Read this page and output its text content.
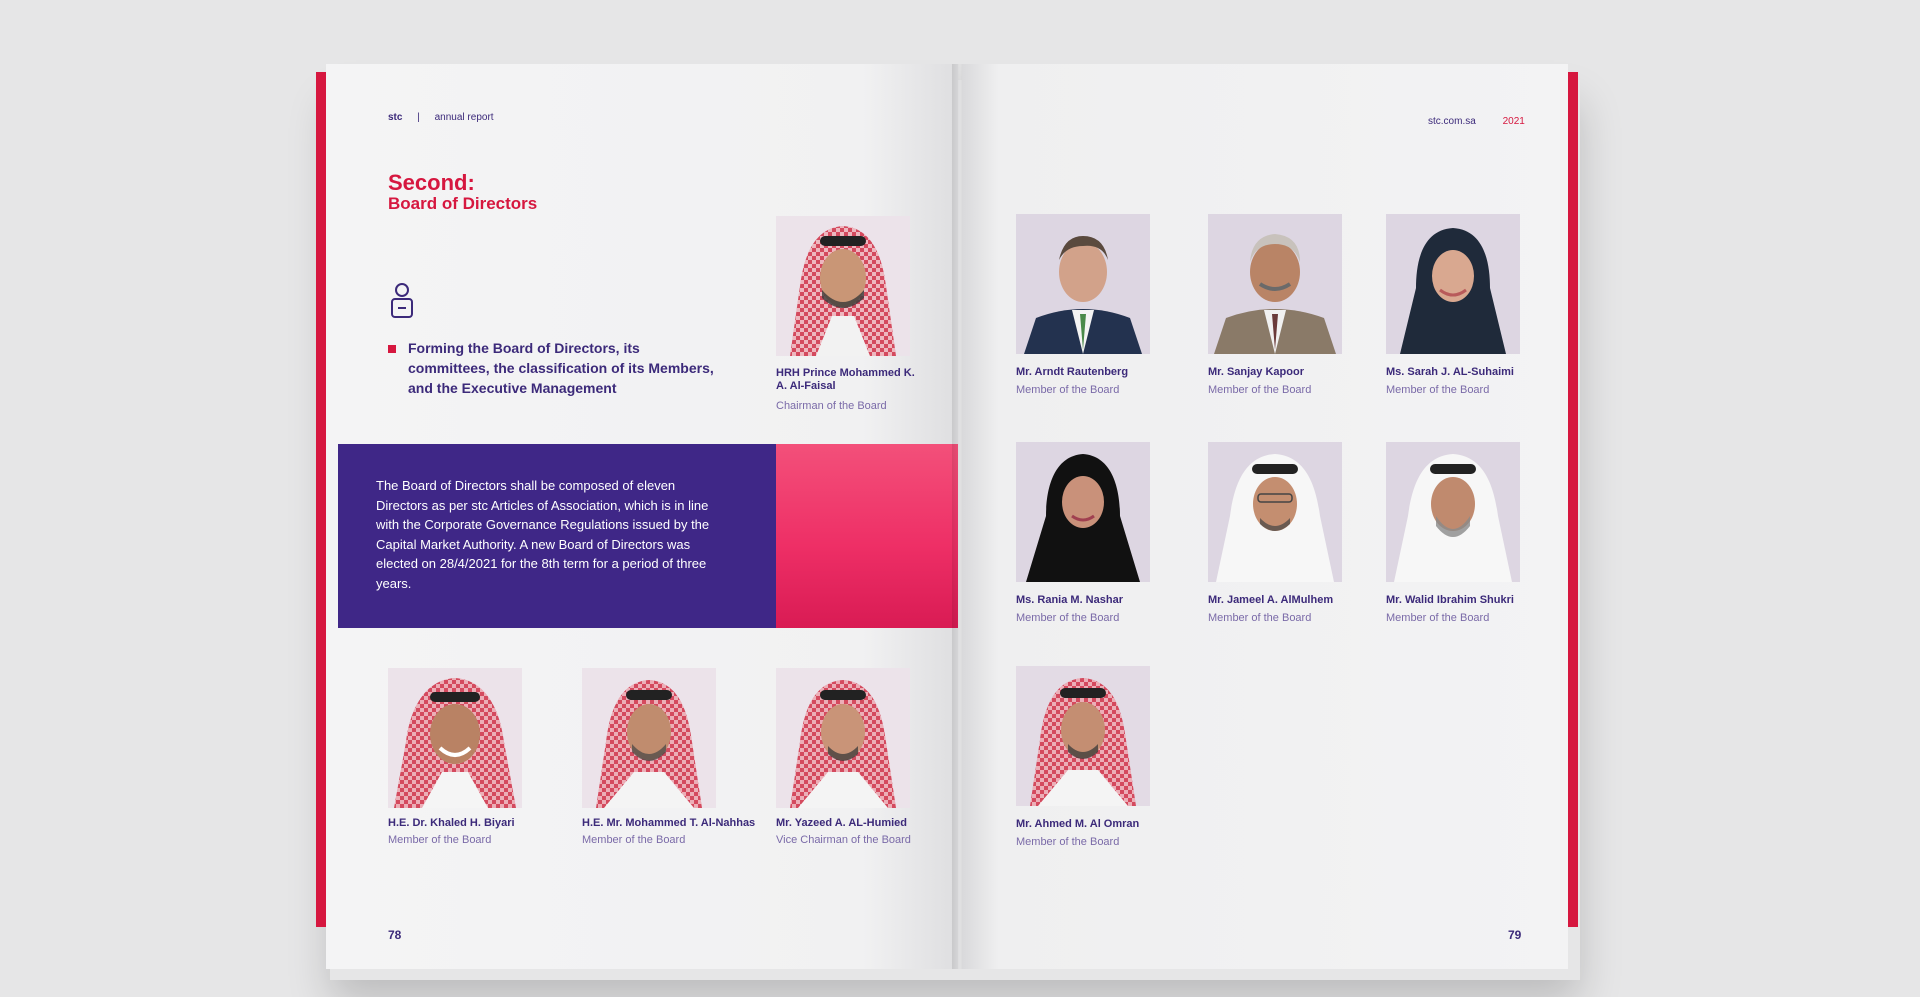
stc | annual report
Second:
Board of Directors
Forming the Board of Directors, its committees, the classification of its Members, and the Executive Management
HRH Prince Mohammed K. A. Al-Faisal
Chairman of the Board
The Board of Directors shall be composed of eleven Directors as per stc Articles of Association, which is in line with the Corporate Governance Regulations issued by the Capital Market Authority. A new Board of Directors was elected on 28/4/2021 for the 8th term for a period of three years.
H.E. Dr. Khaled H. Biyari
Member of the Board
H.E. Mr. Mohammed T. Al-Nahhas
Member of the Board
Mr. Yazeed A. AL-Humied
Vice Chairman of the Board
78
stc.com.sa	2021
Mr. Arndt Rautenberg
Member of the Board
Mr. Sanjay Kapoor
Member of the Board
Ms. Sarah J. AL-Suhaimi
Member of the Board
Ms. Rania M. Nashar
Member of the Board
Mr. Jameel A. AlMulhem
Member of the Board
Mr. Walid Ibrahim Shukri
Member of the Board
Mr. Ahmed M. Al Omran
Member of the Board
79
